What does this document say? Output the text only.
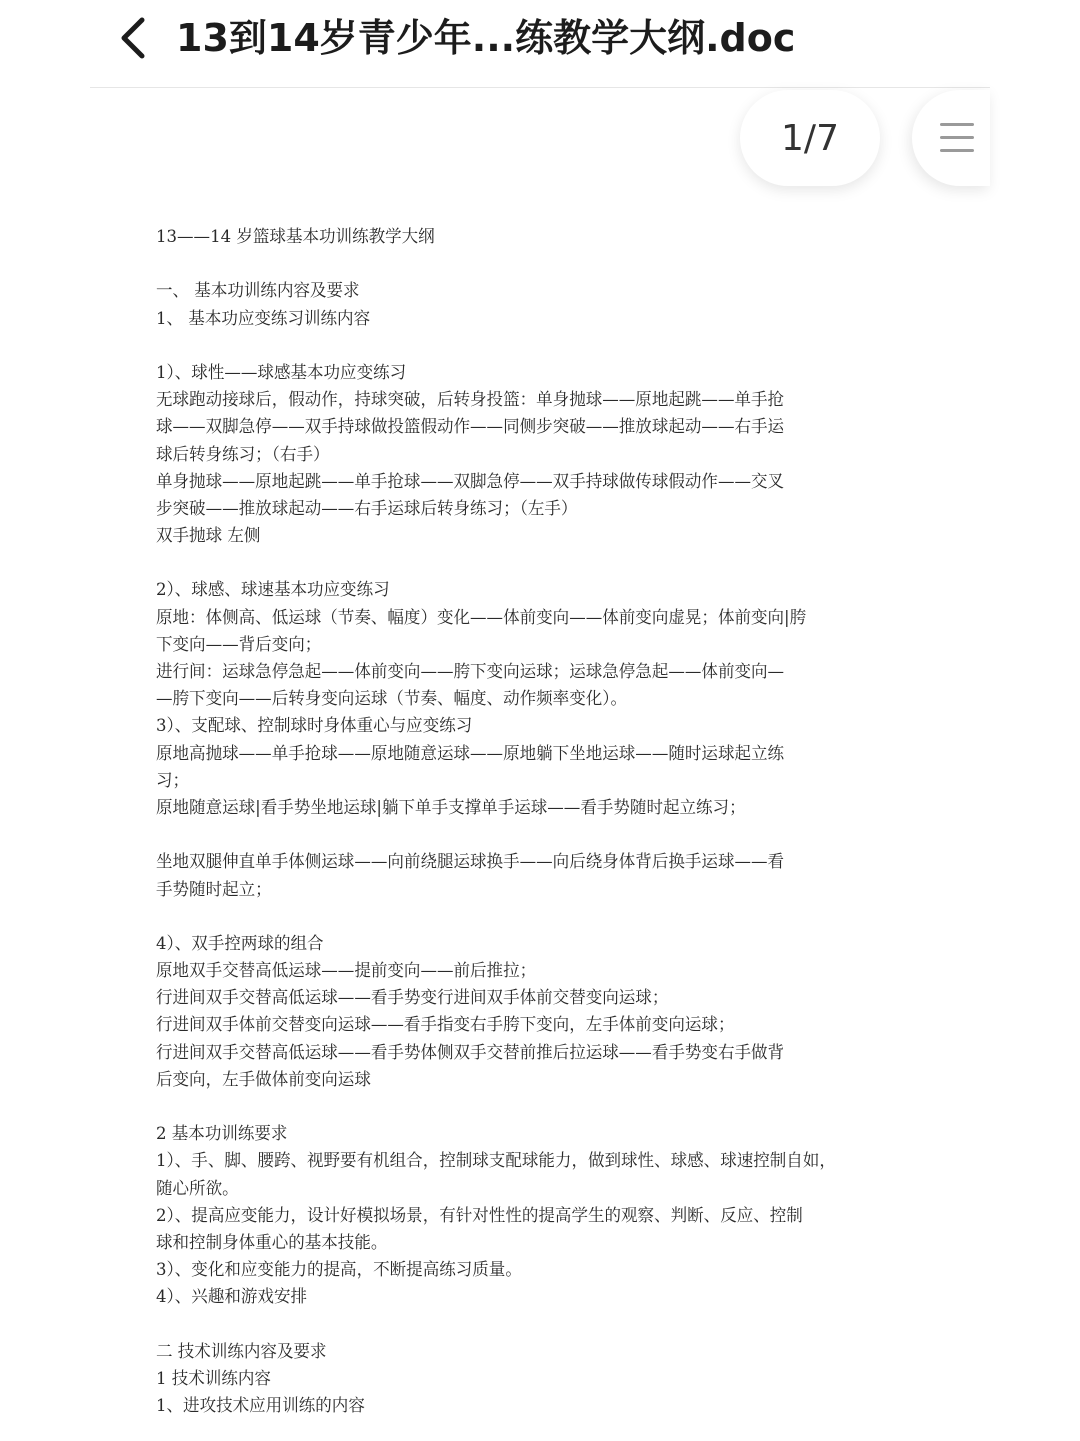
13到14岁青少年...练教学大纲.doc
1/7
13——14 岁篮球基本功训练教学大纲
一、 基本功训练内容及要求
1、 基本功应变练习训练内容
1）、球性——球感基本功应变练习
无球跑动接球后，假动作，持球突破，后转身投篮：单身抛球——原地起跳——单手抢
球——双脚急停——双手持球做投篮假动作——同侧步突破——推放球起动——右手运
球后转身练习；（右手）
单身抛球——原地起跳——单手抢球——双脚急停——双手持球做传球假动作——交叉
步突破——推放球起动——右手运球后转身练习；（左手）
双手抛球 左侧
2）、球感、球速基本功应变练习
原地：体侧高、低运球（节奏、幅度）变化——体前变向——体前变向虚晃；体前变向|胯
下变向——背后变向；
进行间：运球急停急起——体前变向——胯下变向运球；运球急停急起——体前变向—
—胯下变向——后转身变向运球（节奏、幅度、动作频率变化）。
3）、支配球、控制球时身体重心与应变练习
原地高抛球——单手抢球——原地随意运球——原地躺下坐地运球——随时运球起立练
习；
原地随意运球|看手势坐地运球|躺下单手支撑单手运球——看手势随时起立练习；
坐地双腿伸直单手体侧运球——向前绕腿运球换手——向后绕身体背后换手运球——看
手势随时起立；
4）、双手控两球的组合
原地双手交替高低运球——提前变向——前后推拉；
行进间双手交替高低运球——看手势变行进间双手体前交替变向运球；
行进间双手体前交替变向运球——看手指变右手胯下变向，左手体前变向运球；
行进间双手交替高低运球——看手势体侧双手交替前推后拉运球——看手势变右手做背
后变向，左手做体前变向运球
2 基本功训练要求
1）、手、脚、腰跨、视野要有机组合，控制球支配球能力，做到球性、球感、球速控制自如，
随心所欲。
2）、提高应变能力，设计好模拟场景，有针对性性的提高学生的观察、判断、反应、控制
球和控制身体重心的基本技能。
3）、变化和应变能力的提高，不断提高练习质量。
4）、兴趣和游戏安排
二 技术训练内容及要求
1 技术训练内容
1、进攻技术应用训练的内容
